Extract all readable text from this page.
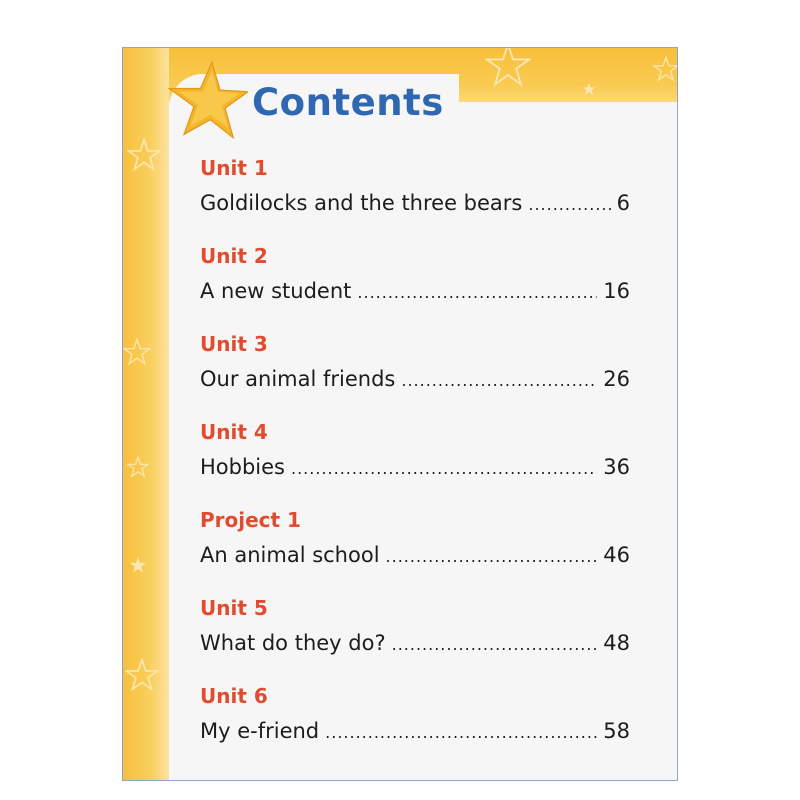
Contents
Unit 1
Goldilocks and the three bears .....	6
Unit 2
A new student .....	16
Unit 3
Our animal friends .....	26
Unit 4
Hobbies .....	36
Project 1
An animal school .....	46
Unit 5
What do they do? .....	48
Unit 6
My e-friend .....	58
